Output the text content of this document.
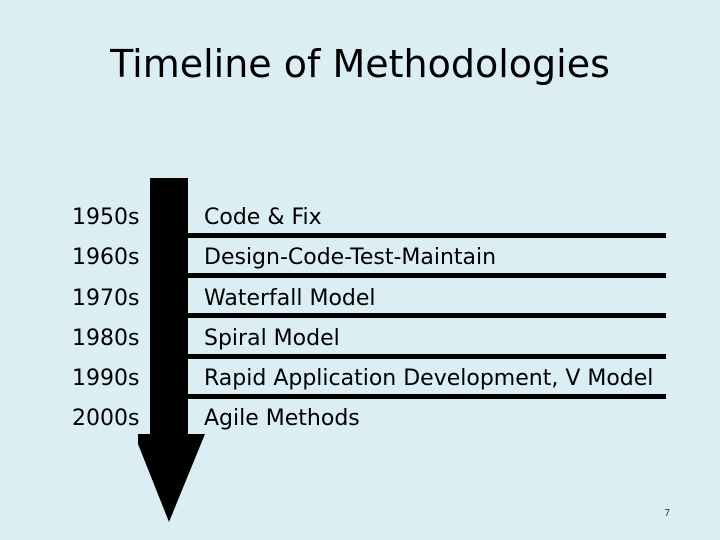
Timeline of Methodologies
1950s
1960s
1970s
1980s
1990s
2000s
Code & Fix
Design-Code-Test-Maintain
Waterfall Model
Spiral Model
Rapid Application Development, V Model
Agile Methods
7
